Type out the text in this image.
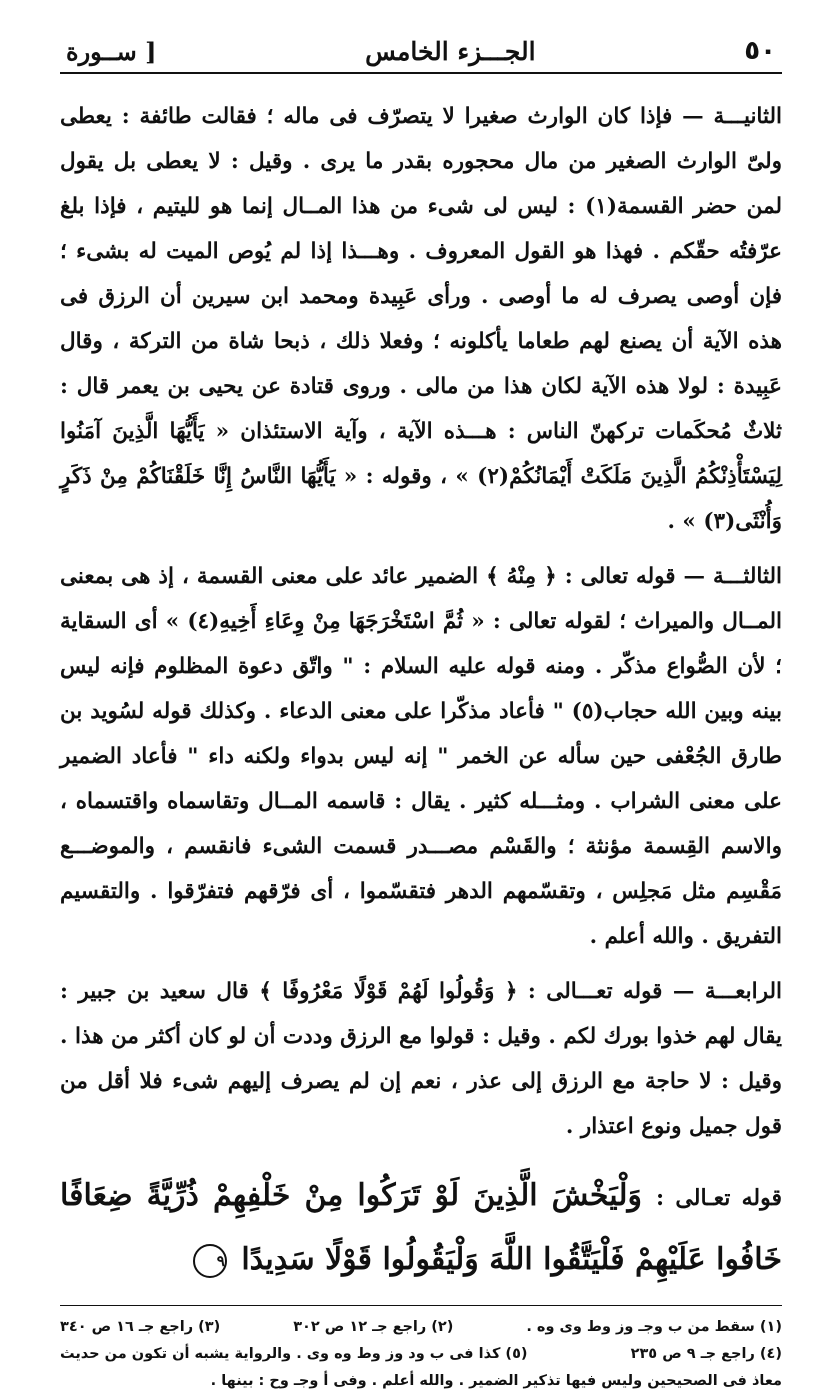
٥٠
الجـــزء الخامس
[ ســورة

الثانيـــة — فإذا كان الوارث صغيرا لا يتصرّف فى ماله ؛ فقالت طائفة : يعطى ولىّ الوارث الصغير من مال محجوره بقدر ما يرى . وقيل : لا يعطى بل يقول لمن حضر القسمة(١) : ليس لى شىء من هذا المــال إنما هو لليتيم ، فإذا بلغ عرّفتُه حقّكم . فهذا هو القول المعروف . وهـــذا إذا لم يُوص الميت له بشىء ؛ فإن أوصى يصرف له ما أوصى . ورأى عَبِيدة ومحمد ابن سيرين أن الرزق فى هذه الآية أن يصنع لهم طعاما يأكلونه ؛ وفعلا ذلك ، ذبحا شاة من التركة ، وقال عَبِيدة : لولا هذه الآية لكان هذا من مالى . وروى قتادة عن يحيى بن يعمر قال : ثلاثٌ مُحكَمات تركهنّ الناس : هـــذه الآية ، وآية الاستئذان « يَأَيُّهَا الَّذِينَ آمَنُوا لِيَسْتَأْذِنْكُمُ الَّذِينَ مَلَكَتْ أَيْمَانُكُمْ(٢) » ، وقوله : « يَأَيُّهَا النَّاسُ إِنَّا خَلَقْنَاكُمْ مِنْ ذَكَرٍ وَأُنْثَى(٣) » .

الثالثـــة — قوله تعالى : ﴿ مِنْهُ ﴾ الضمير عائد على معنى القسمة ، إذ هى بمعنى المــال والميراث ؛ لقوله تعالى : « ثُمَّ اسْتَخْرَجَهَا مِنْ وِعَاءِ أَخِيهِ(٤) » أى السقاية ؛ لأن الصُّواع مذكّر . ومنه قوله عليه السلام : " واتّق دعوة المظلوم فإنه ليس بينه وبين الله حجاب(٥) " فأعاد مذكّرا على معنى الدعاء . وكذلك قوله لسُويد بن طارق الجُعْفى حين سأله عن الخمر " إنه ليس بدواء ولكنه داء " فأعاد الضمير على معنى الشراب . ومثـــله كثير . يقال : قاسمه المــال وتقاسماه واقتسماه ، والاسم القِسمة مؤنثة ؛ والقَسْم مصـــدر قسمت الشىء فانقسم ، والموضـــع مَقْسِم مثل مَجلِس ، وتقسّمهم الدهر فتقسّموا ، أى فرّقهم فتفرّقوا . والتقسيم التفريق . والله أعلم .

الرابعـــة — قوله تعـــالى : ﴿ وَقُولُوا لَهُمْ قَوْلًا مَعْرُوفًا ﴾ قال سعيد بن جبير : يقال لهم خذوا بورك لكم . وقيل : قولوا مع الرزق وددت أن لو كان أكثر من هذا . وقيل : لا حاجة مع الرزق إلى عذر ، نعم إن لم يصرف إليهم شىء فلا أقل من قول جميل ونوع اعتذار .

قوله تعـالى : وَلْيَخْشَ الَّذِينَ لَوْ تَرَكُوا مِنْ خَلْفِهِمْ ذُرِّيَّةً ضِعَافًا خَافُوا عَلَيْهِمْ فَلْيَتَّقُوا اللَّهَ وَلْيَقُولُوا قَوْلًا سَدِيدًا ٩
(١) سقط من ب وجـ وز وط وى وه .
(٢) راجع جـ ١٢ ص ٣٠٢
(٣) راجع جـ ١٦ ص ٣٤٠
(٤) راجع جـ ٩ ص ٢٣٥
(٥) كذا فى ب ود وز وط وه وى . والرواية يشبه أن تكون من حديث
معاذ فى الصحيحين وليس فيها تذكير الضمير . والله أعلم . وفى أ وجـ وح : بينها .
